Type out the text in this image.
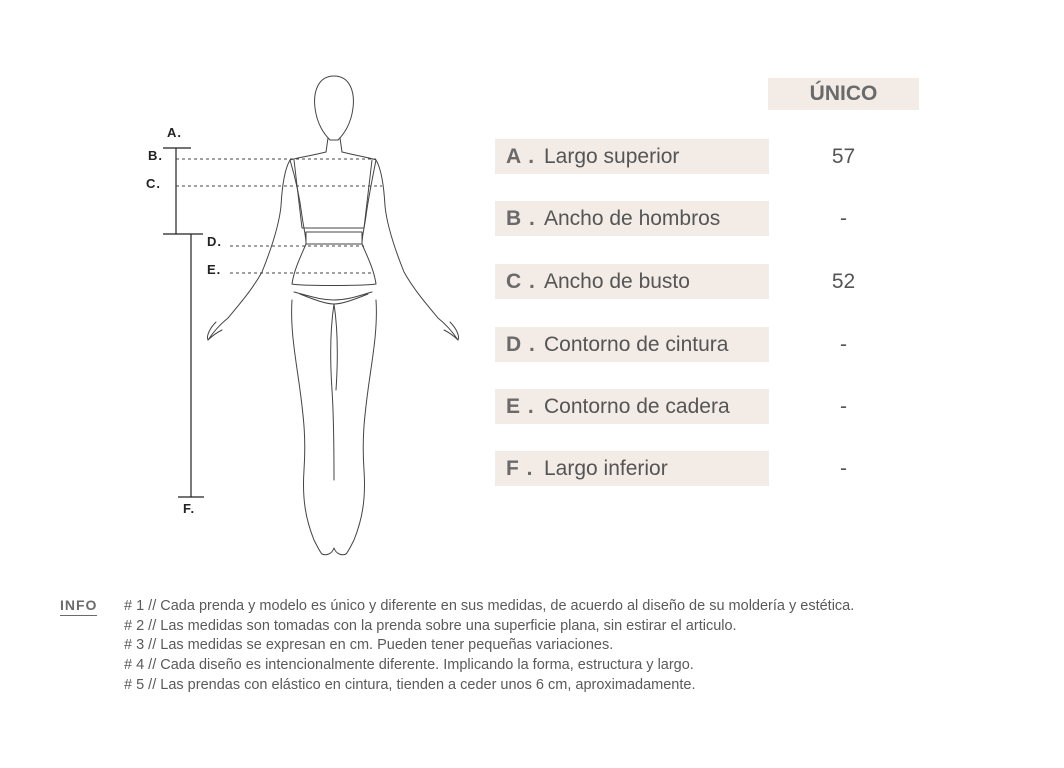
A.
B.
C.
D.
E.
F.
ÚNICO
A . Largo superior	57
B . Ancho de hombros	-
C . Ancho de busto	52
D . Contorno de cintura	-
E . Contorno de cadera	-
F . Largo inferior	-
INFO # 1 // Cada prenda y modelo es único y diferente en sus medidas, de acuerdo al diseño de su moldería y estética.
# 2 // Las medidas son tomadas con la prenda sobre una superficie plana, sin estirar el articulo.
# 3 // Las medidas se expresan en cm. Pueden tener pequeñas variaciones.
# 4 // Cada diseño es intencionalmente diferente. Implicando la forma, estructura y largo.
# 5 // Las prendas con elástico en cintura, tienden a ceder unos 6 cm, aproximadamente.
